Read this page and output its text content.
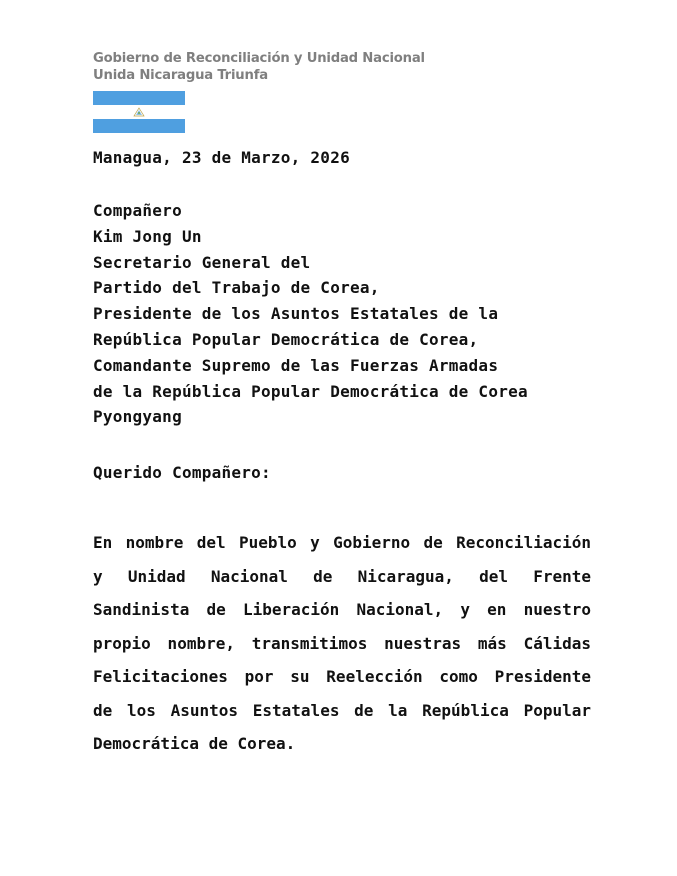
Gobierno de Reconciliación y Unidad Nacional
Unida Nicaragua Triunfa
Managua, 23 de Marzo, 2026
Compañero
Kim Jong Un
Secretario General del
Partido del Trabajo de Corea,
Presidente de los Asuntos Estatales de la
República Popular Democrática de Corea,
Comandante Supremo de las Fuerzas Armadas
de la República Popular Democrática de Corea
Pyongyang
Querido Compañero:
En nombre del Pueblo y Gobierno de Reconciliación
y Unidad Nacional de Nicaragua, del Frente
Sandinista de Liberación Nacional, y en nuestro
propio nombre, transmitimos nuestras más Cálidas
Felicitaciones por su Reelección como Presidente
de los Asuntos Estatales de la República Popular
Democrática de Corea.
